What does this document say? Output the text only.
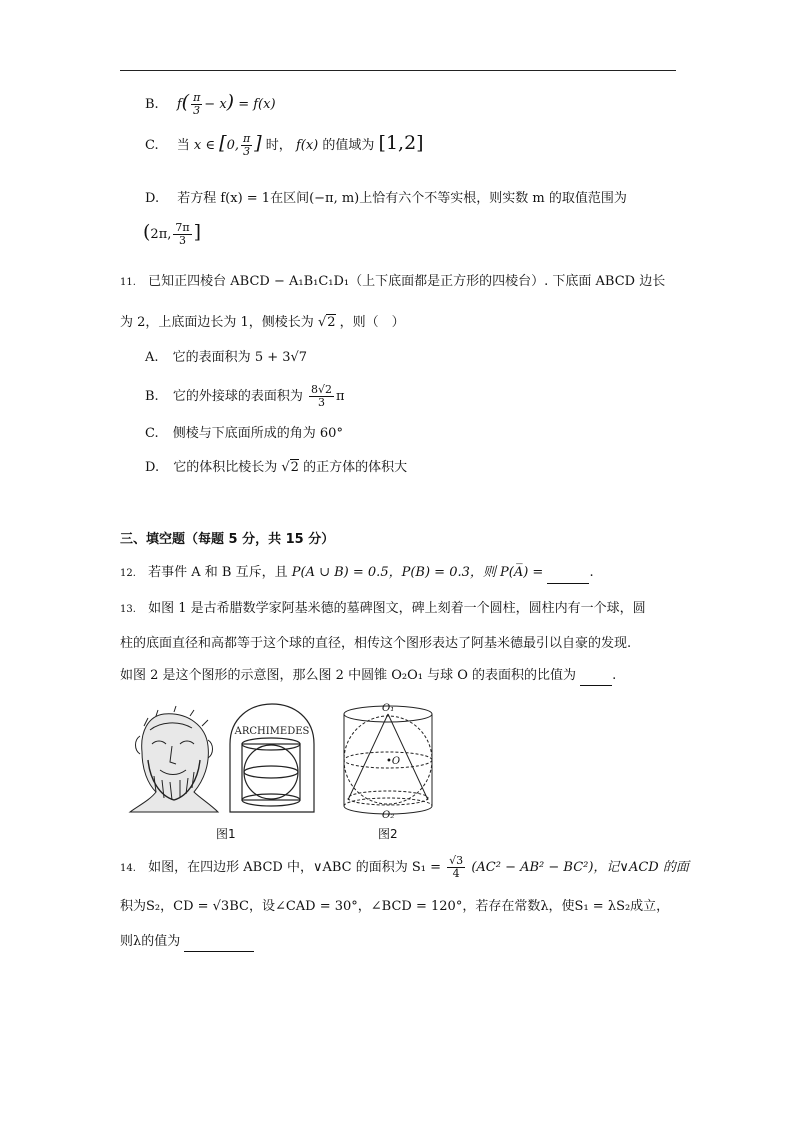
B. $f( \frac{\pi}{3} - x) = f(x)$
C. 当 x ∈ [0, $\frac{\pi}{3}$ ] 时， f(x) 的值域为 [1,2]
D. 若方程 f(x) = 1在区间(−π, m)上恰有六个不等实根，则实数 m 的取值范围为
(2π, $\frac{7\pi}{3}$ ]
11. 已知正四棱台 ABCD − A₁B₁C₁D₁（上下底面都是正方形的四棱台）. 下底面 ABCD 边长
为 2，上底面边长为 1，侧棱长为 √2 ，则（　）
A. 它的表面积为 5 + 3√7
B. 它的外接球的表面积为 $\frac{8√2}{3}$ π
C. 侧棱与下底面所成的角为 60°
D. 它的体积比棱长为 √2 的正方体的体积大
三、填空题（每题 5 分，共 15 分）
12. 若事件 A 和 B 互斥，且 P(A ∪ B) = 0.5，P(B) = 0.3，则 P(A̅) =	.
13. 如图 1 是古希腊数学家阿基米德的墓碑图文，碑上刻着一个圆柱，圆柱内有一个球，圆
柱的底面直径和高都等于这个球的直径，相传这个图形表达了阿基米德最引以自豪的发现.
如图 2 是这个图形的示意图，那么图 2 中圆锥 O₂O₁ 与球 O 的表面积的比值为	.
ARCHIMEDES
O₁
•O
O₂
图1	图2
14. 如图，在四边形 ABCD 中，∨ABC 的面积为 $S_1 = \frac{√3}{4} (AC^2 - AB^2 - BC^2)$，记∨ACD 的面
积为S₂，CD = √3BC，设∠CAD = 30°，∠BCD = 120°，若存在常数λ，使S₁ = λS₂成立，
则λ的值为
